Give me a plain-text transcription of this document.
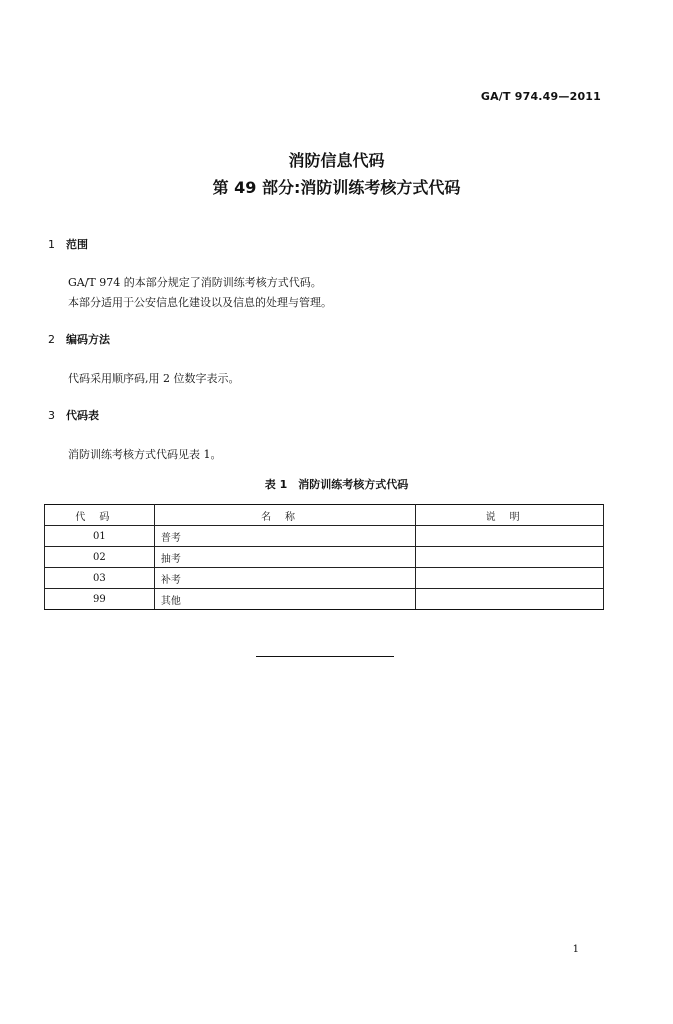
GA/T 974.49—2011
消防信息代码
第 49 部分:消防训练考核方式代码
1 范围
GA/T 974 的本部分规定了消防训练考核方式代码。
本部分适用于公安信息化建设以及信息的处理与管理。
2 编码方法
代码采用顺序码,用 2 位数字表示。
3 代码表
消防训练考核方式代码见表 1。
表 1　消防训练考核方式代码
代码	名称	说明
01	普考	
02	抽考	
03	补考	
99	其他	
1
